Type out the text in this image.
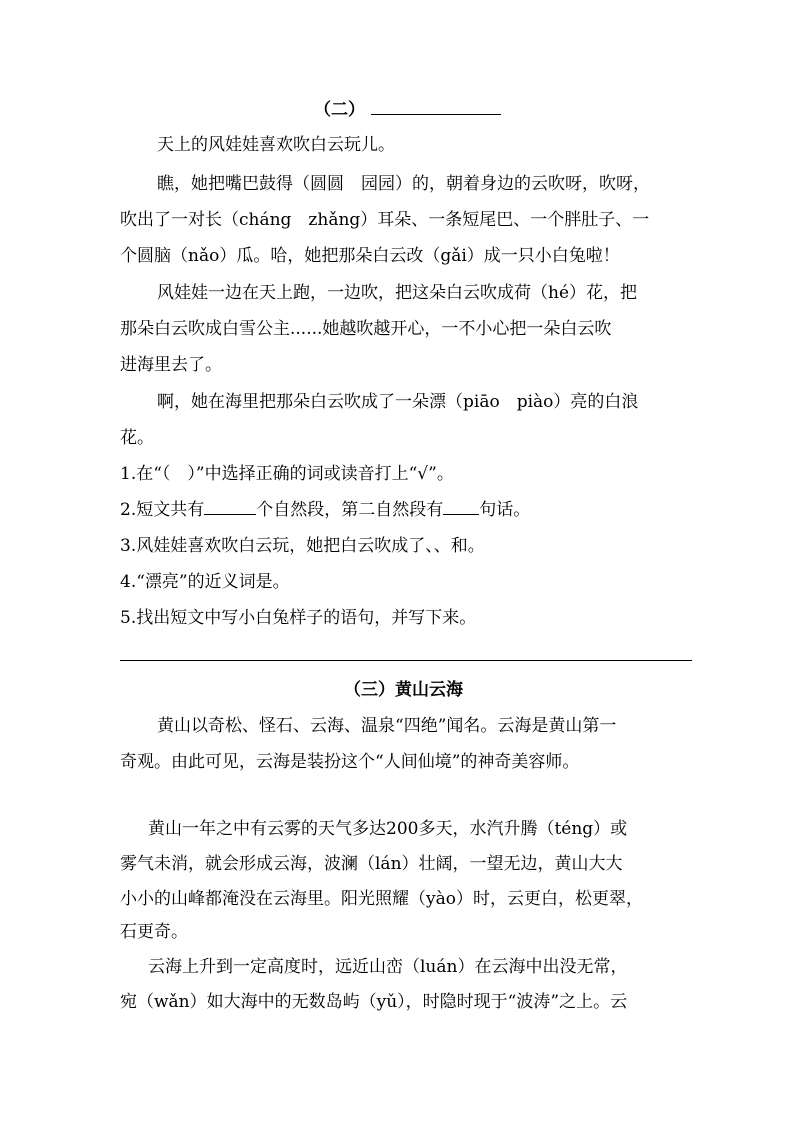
（二）
天上的风娃娃喜欢吹白云玩儿。
瞧，她把嘴巴鼓得（圆圆　园园）的，朝着身边的云吹呀，吹呀，
吹出了一对长（cháng　zhǎng）耳朵、一条短尾巴、一个胖肚子、一
个圆脑（nǎo）瓜。哈，她把那朵白云改（gǎi）成一只小白兔啦！
风娃娃一边在天上跑，一边吹，把这朵白云吹成荷（hé）花，把
那朵白云吹成白雪公主......她越吹越开心，一不小心把一朵白云吹
进海里去了。
啊，她在海里把那朵白云吹成了一朵漂（piāo　piào）亮的白浪
花。
1.在“（　）”中选择正确的词或读音打上“√”。
2.短文共有	个自然段，第二自然段有 句话。
3.风娃娃喜欢吹白云玩，她把白云吹成了、、和。
4.“漂亮”的近义词是。
5.找出短文中写小白兔样子的语句，并写下来。
（三）黄山云海
黄山以奇松、怪石、云海、温泉“四绝”闻名。云海是黄山第一
奇观。由此可见，云海是装扮这个“人间仙境”的神奇美容师。
黄山一年之中有云雾的天气多达200多天，水汽升腾（téng）或
雾气未消，就会形成云海，波澜（lán）壮阔，一望无边，黄山大大
小小的山峰都淹没在云海里。阳光照耀（yào）时，云更白，松更翠，
石更奇。
云海上升到一定高度时，远近山峦（luán）在云海中出没无常，
宛（wǎn）如大海中的无数岛屿（yǔ），时隐时现于“波涛”之上。云
